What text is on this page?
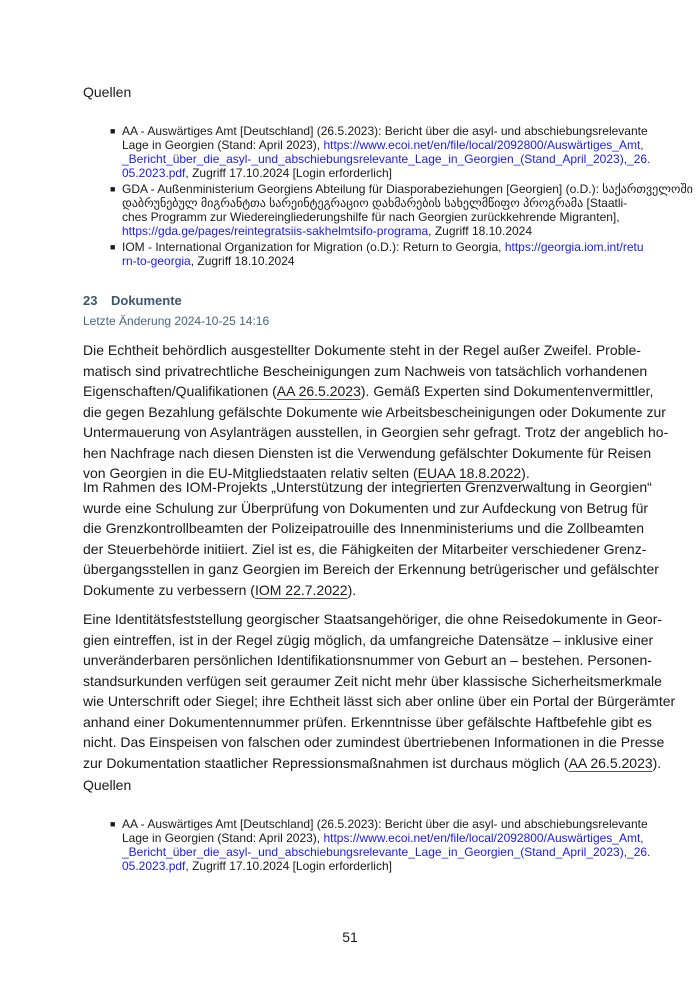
Quellen
■ AA - Auswärtiges Amt [Deutschland] (26.5.2023): Bericht über die asyl- und abschiebungsrelevante
Lage in Georgien (Stand: April 2023), https://www.ecoi.net/en/file/local/2092800/Auswärtiges_Amt,
_Bericht_über_die_asyl-_und_abschiebungsrelevante_Lage_in_Georgien_(Stand_April_2023),_26.
05.2023.pdf, Zugriff 17.10.2024 [Login erforderlich]
■ GDA - Außenministerium Georgiens Abteilung für Diasporabeziehungen [Georgien] (o.D.): საქართველოში
დაბრუნებულ მიგრანტთა სარეინტეგრაციო დახმარების სახელმწიფო პროგრამა [Staatli-
ches Programm zur Wiedereingliederungshilfe für nach Georgien zurückkehrende Migranten],
https://gda.ge/pages/reintegratsiis-sakhelmtsifo-programa, Zugriff 18.10.2024
■ IOM - International Organization for Migration (o.D.): Return to Georgia, https://georgia.iom.int/retu
rn-to-georgia, Zugriff 18.10.2024
23 Dokumente
Letzte Änderung 2024-10-25 14:16
Die Echtheit behördlich ausgestellter Dokumente steht in der Regel außer Zweifel. Proble-
matisch sind privatrechtliche Bescheinigungen zum Nachweis von tatsächlich vorhandenen
Eigenschaften/Qualifikationen (AA 26.5.2023). Gemäß Experten sind Dokumentenvermittler,
die gegen Bezahlung gefälschte Dokumente wie Arbeitsbescheinigungen oder Dokumente zur
Untermauerung von Asylanträgen ausstellen, in Georgien sehr gefragt. Trotz der angeblich ho-
hen Nachfrage nach diesen Diensten ist die Verwendung gefälschter Dokumente für Reisen
von Georgien in die EU-Mitgliedstaaten relativ selten (EUAA 18.8.2022).
Im Rahmen des IOM-Projekts „Unterstützung der integrierten Grenzverwaltung in Georgien“
wurde eine Schulung zur Überprüfung von Dokumenten und zur Aufdeckung von Betrug für
die Grenzkontrollbeamten der Polizeipatrouille des Innenministeriums und die Zollbeamten
der Steuerbehörde initiiert. Ziel ist es, die Fähigkeiten der Mitarbeiter verschiedener Grenz-
übergangsstellen in ganz Georgien im Bereich der Erkennung betrügerischer und gefälschter
Dokumente zu verbessern (IOM 22.7.2022).
Eine Identitätsfeststellung georgischer Staatsangehöriger, die ohne Reisedokumente in Geor-
gien eintreffen, ist in der Regel zügig möglich, da umfangreiche Datensätze – inklusive einer
unveränderbaren persönlichen Identifikationsnummer von Geburt an – bestehen. Personen-
standsurkunden verfügen seit geraumer Zeit nicht mehr über klassische Sicherheitsmerkmale
wie Unterschrift oder Siegel; ihre Echtheit lässt sich aber online über ein Portal der Bürgerämter
anhand einer Dokumentennummer prüfen. Erkenntnisse über gefälschte Haftbefehle gibt es
nicht. Das Einspeisen von falschen oder zumindest übertriebenen Informationen in die Presse
zur Dokumentation staatlicher Repressionsmaßnahmen ist durchaus möglich (AA 26.5.2023).
Quellen
■ AA - Auswärtiges Amt [Deutschland] (26.5.2023): Bericht über die asyl- und abschiebungsrelevante
Lage in Georgien (Stand: April 2023), https://www.ecoi.net/en/file/local/2092800/Auswärtiges_Amt,
_Bericht_über_die_asyl-_und_abschiebungsrelevante_Lage_in_Georgien_(Stand_April_2023),_26.
05.2023.pdf, Zugriff 17.10.2024 [Login erforderlich]
51
